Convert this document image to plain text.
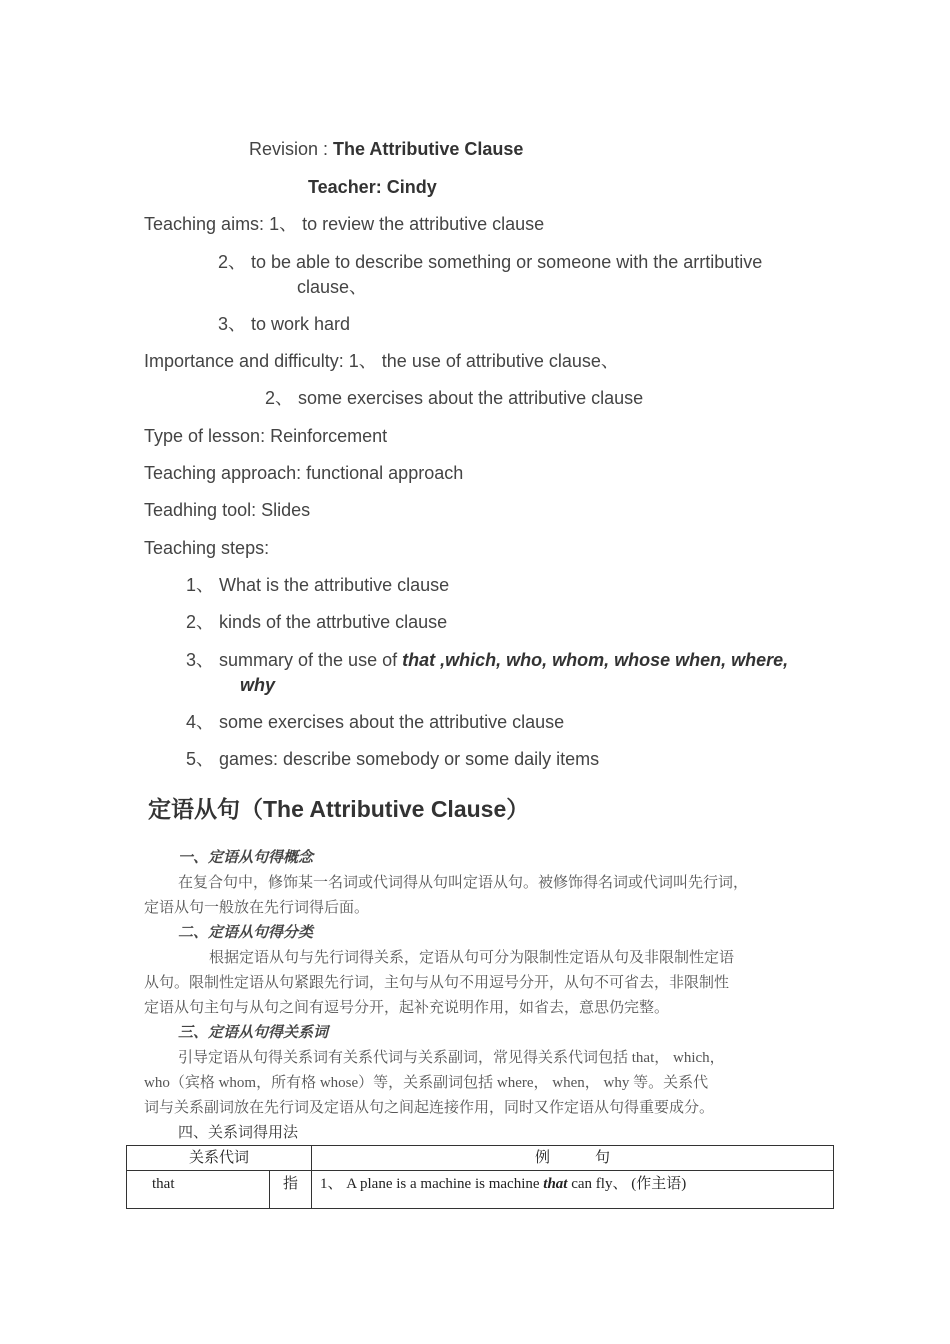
Revision : The Attributive Clause
Teacher: Cindy
Teaching aims: 1、 to review the attributive clause
2、 to be able to describe something or someone with the arrtibutive
clause、
3、 to work hard
Importance and difficulty: 1、 the use of attributive clause、
2、 some exercises about the attributive clause
Type of lesson: Reinforcement
Teaching approach: functional approach
Teadhing tool: Slides
Teaching steps:
1、 What is the attributive clause
2、 kinds of the attrbutive clause
3、 summary of the use of that ,which, who, whom, whose when, where,
why
4、 some exercises about the attributive clause
5、 games: describe somebody or some daily items
定语从句（The Attributive Clause）
一、定语从句得概念
在复合句中，修饰某一名词或代词得从句叫定语从句。被修饰得名词或代词叫先行词，
定语从句一般放在先行词得后面。
二、定语从句得分类
根据定语从句与先行词得关系，定语从句可分为限制性定语从句及非限制性定语
从句。限制性定语从句紧跟先行词，主句与从句不用逗号分开，从句不可省去，非限制性
定语从句主句与从句之间有逗号分开，起补充说明作用，如省去，意思仍完整。
三、定语从句得关系词
引导定语从句得关系词有关系代词与关系副词，常见得关系代词包括 that， which，
who（宾格 whom，所有格 whose）等，关系副词包括 where， when， why 等。关系代
词与关系副词放在先行词及定语从句之间起连接作用，同时又作定语从句得重要成分。
四、关系词得用法
关系代词		例　　　句
that	指	1、 A plane is a machine is machine that can fly、 (作主语)
